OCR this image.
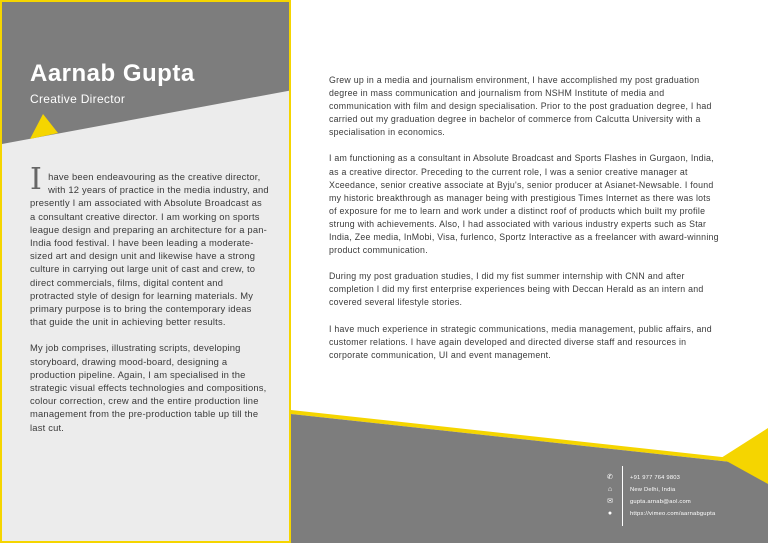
Aarnab Gupta
Creative Director

I have been endeavouring as the creative director, with 12 years of practice in the media industry, and presently I am associated with Absolute Broadcast as a consultant creative director. I am working on sports league design and preparing an architecture for a pan-India food festival. I have been leading a moderate-sized art and design unit and likewise have a strong culture in carrying out large unit of cast and crew, to direct commercials, films, digital content and protracted style of design for learning materials. My primary purpose is to bring the contemporary ideas that guide the unit in achieving better results.

My job comprises, illustrating scripts, developing storyboard, drawing mood-board, designing a production pipeline. Again, I am specialised in the strategic visual effects technologies and compositions, colour correction, crew and the entire production line management from the pre-production table up till the last cut.

Grew up in a media and journalism environment, I have accomplished my post graduation degree in mass communication and journalism from NSHM Institute of media and communication with film and design specialisation. Prior to the post graduation degree, I had carried out my graduation degree in bachelor of commerce from Calcutta University with a specialisation in economics.

I am functioning as a consultant in Absolute Broadcast and Sports Flashes in Gurgaon, India, as a creative director. Preceding to the current role, I was a senior creative manager at Xceedance, senior creative associate at Byju's, senior producer at Asianet-Newsable. I found my historic breakthrough as manager being with prestigious Times Internet as there was lots of exposure for me to learn and work under a distinct roof of products which built my profile strung with achievements. Also, I had associated with various industry experts such as Star India, Zee media, InMobi, Visa, furlenco, Sportz Interactive as a freelancer with award-winning product communication.

During my post graduation studies, I did my fist summer internship with CNN and after completion I did my first enterprise experiences being with Deccan Herald as an intern and covered several lifestyle stories.

I have much experience in strategic communications, media management, public affairs, and customer relations. I have again developed and directed diverse staff and resources in corporate communication, UI and event management.

✆
⌂
✉
●
+91 977 764 9803
New Delhi, India
gupta.arnab@aol.com
https://vimeo.com/aarnabgupta
